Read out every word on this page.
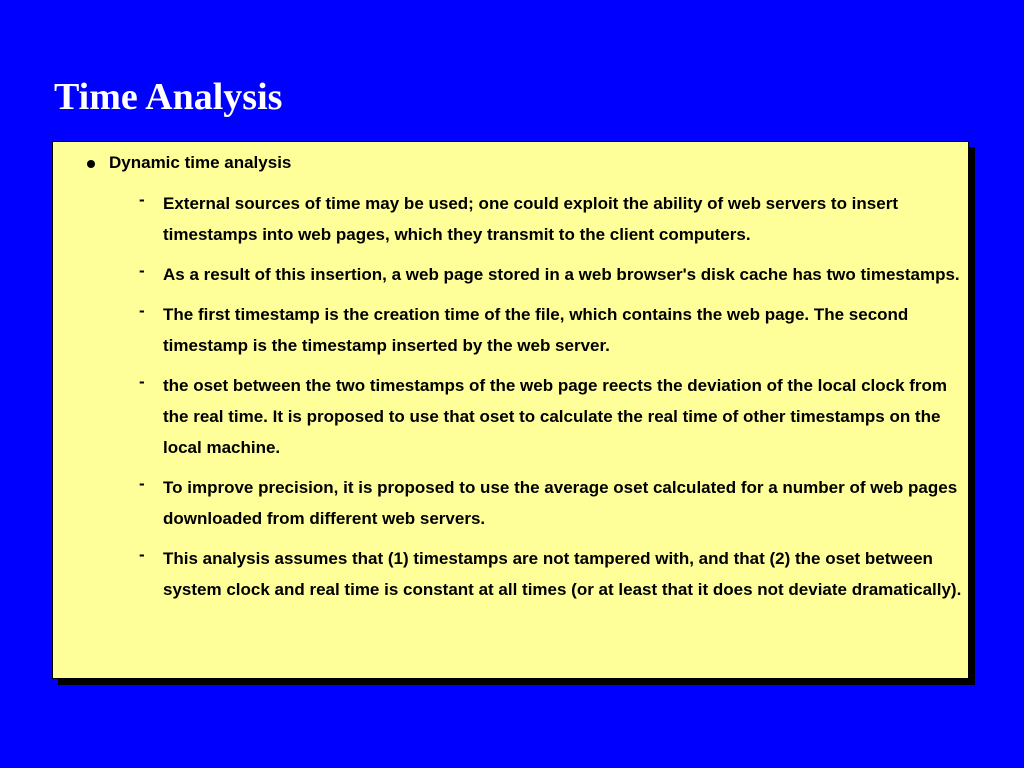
Time Analysis
Dynamic time analysis
- External sources of time may be used; one could exploit the ability of web servers to insert timestamps into web pages, which they transmit to the client computers.
- As a result of this insertion, a web page stored in a web browser's disk cache has two timestamps.
- The first timestamp is the creation time of the file, which contains the web page. The second timestamp is the timestamp inserted by the web server.
- the oset between the two timestamps of the web page reects the deviation of the local clock from the real time. It is proposed to use that oset to calculate the real time of other timestamps on the local machine.
- To improve precision, it is proposed to use the average oset calculated for a number of web pages downloaded from different web servers.
- This analysis assumes that (1) timestamps are not tampered with, and that (2) the oset between system clock and real time is constant at all times (or at least that it does not deviate dramatically).
